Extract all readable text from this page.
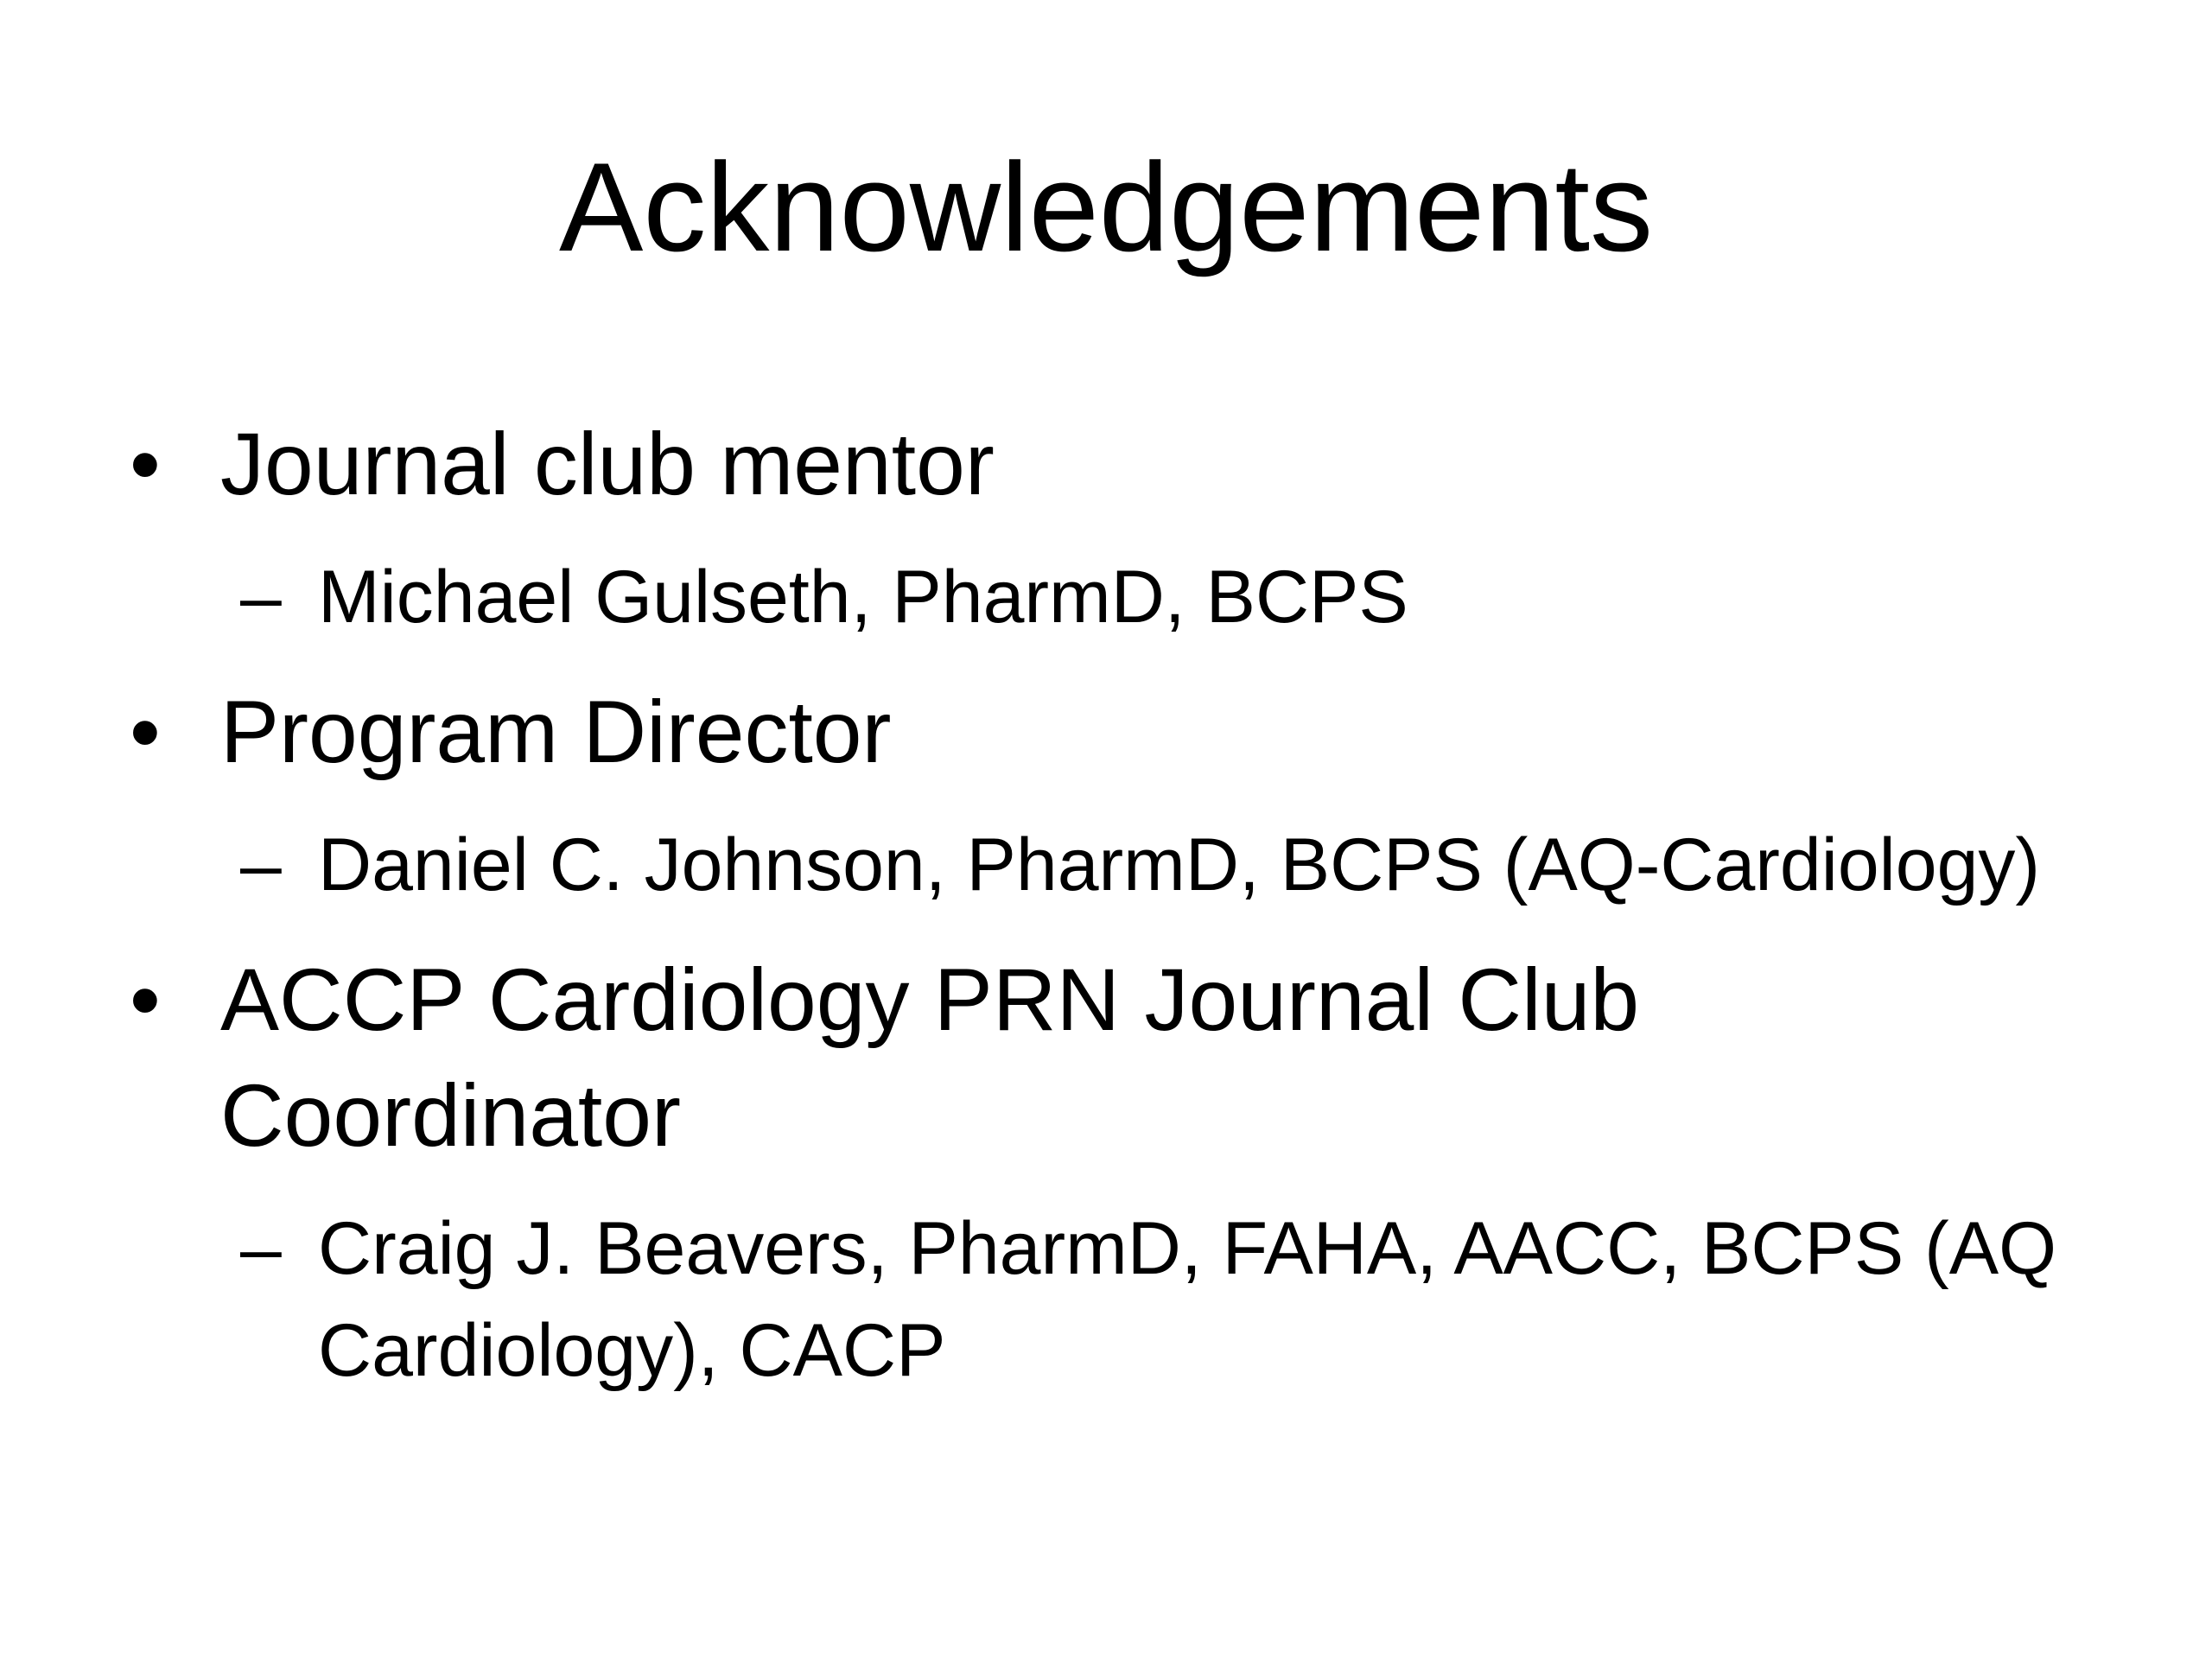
Acknowledgements
• Journal club mentor
– Michael Gulseth, PharmD, BCPS
• Program Director
– Daniel C. Johnson, PharmD, BCPS (AQ-Cardiology)
• ACCP Cardiology PRN Journal Club Coordinator
– Craig J. Beavers, PharmD, FAHA, AACC, BCPS (AQ Cardiology), CACP
